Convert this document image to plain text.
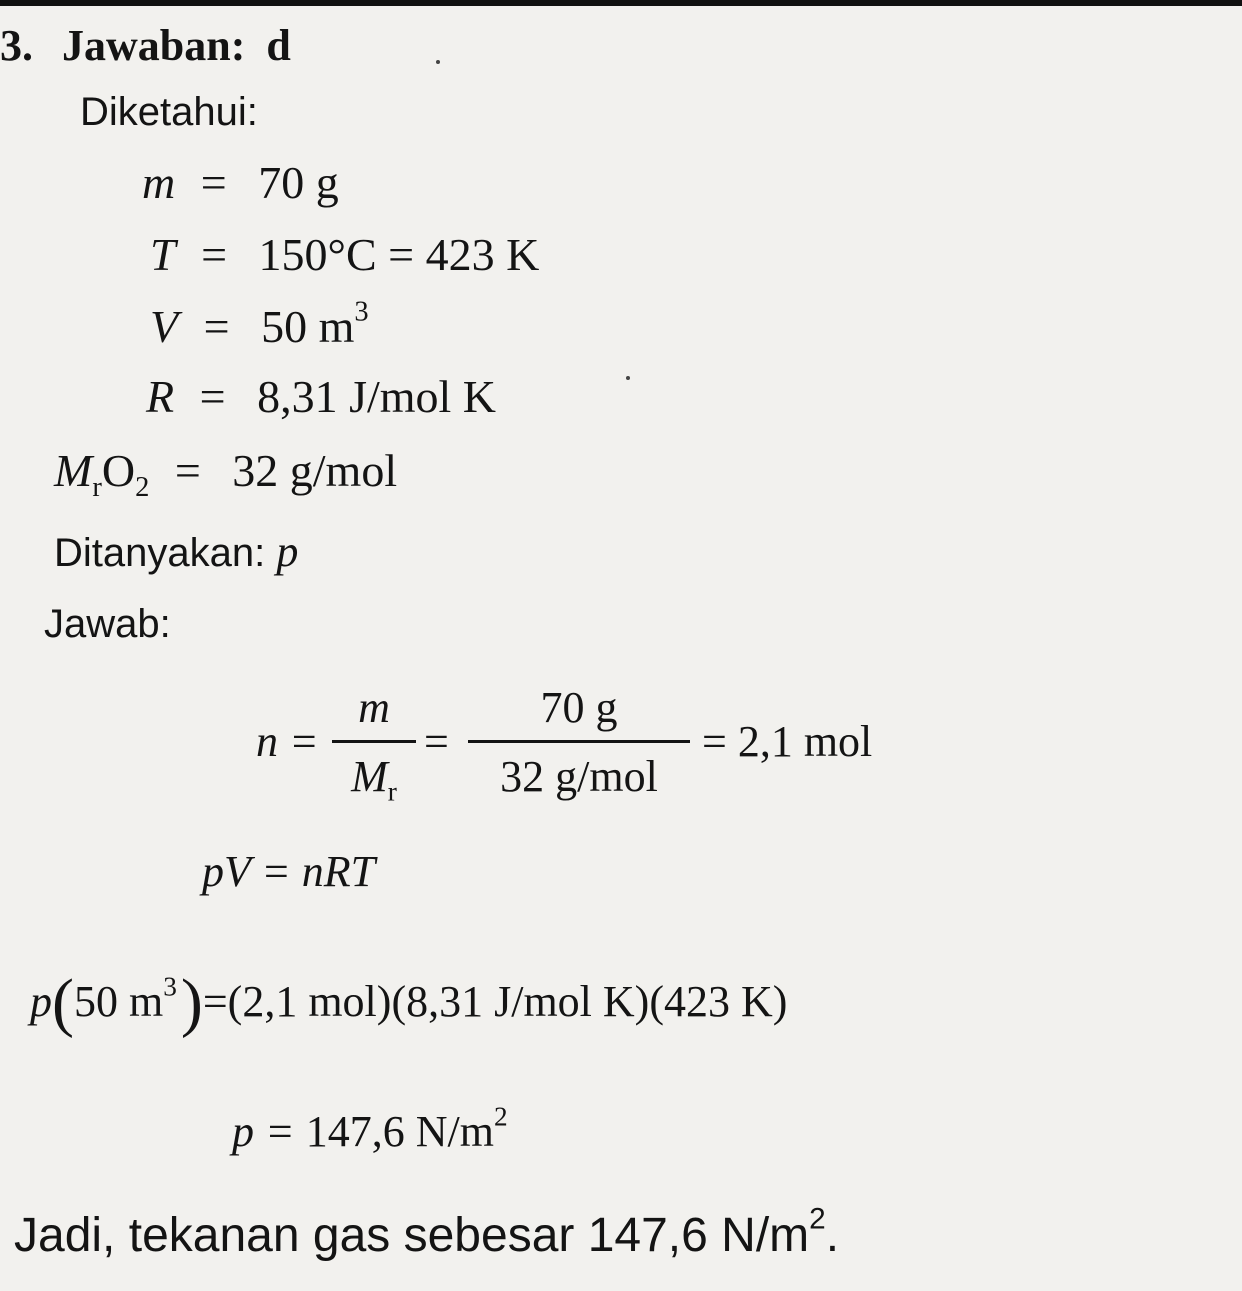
3. Jawaban: d
Diketahui:
m = 70 g
T = 150°C = 423 K
V = 50 $m^3$
R = 8,31 J/mol K
$M_rO_2 = 32$ g/mol
Ditanyakan: p
Jawab:
n =
m
$M_r$
=
70 g
32 g/mol
= 2,1 mol
pV = nRT
p(50 $m^3)=(2,1$ mol)(8,31 J/mol K)(423 K)
p = 147,6 $N/m^2$
Jadi, tekanan gas sebesar 147,6 $N/m^2$.
